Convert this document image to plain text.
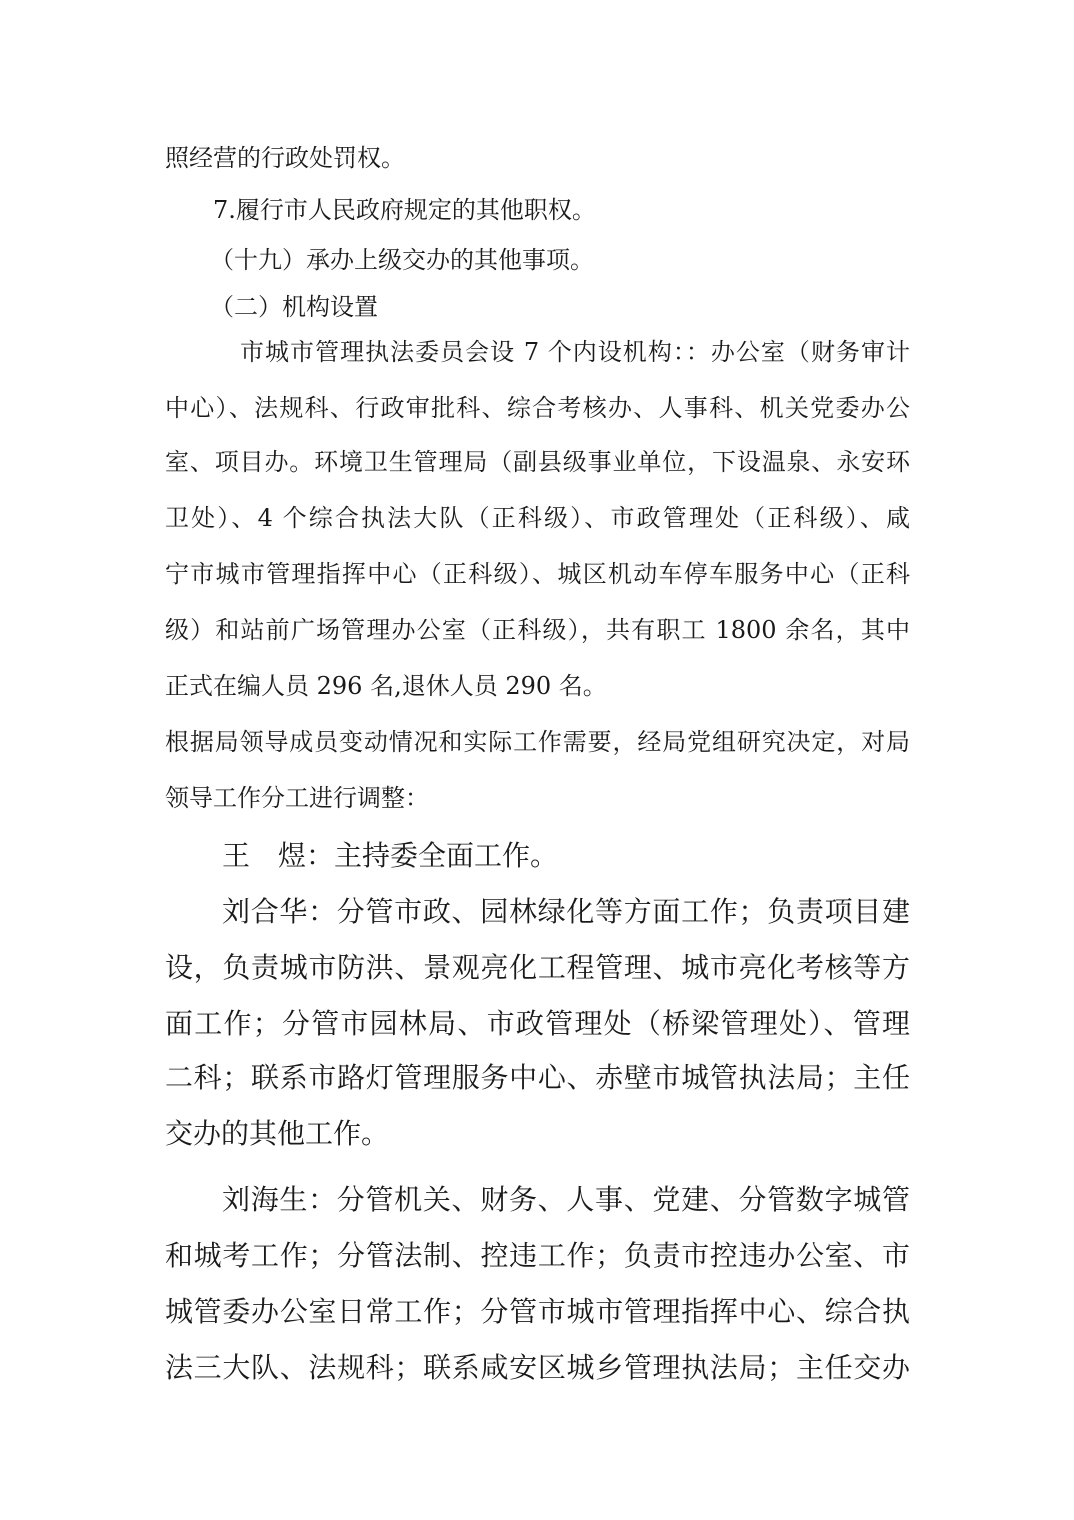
照经营的行政处罚权。
7.履行市人民政府规定的其他职权。
（十九）承办上级交办的其他事项。
（二）机构设置
市城市管理执法委员会设 7 个内设机构：：办公室（财务审计
中心）、法规科、行政审批科、综合考核办、人事科、机关党委办公
室、项目办。环境卫生管理局（副县级事业单位，下设温泉、永安环
卫处）、4 个综合执法大队（正科级）、市政管理处（正科级）、咸
宁市城市管理指挥中心（正科级）、城区机动车停车服务中心（正科
级）和站前广场管理办公室（正科级），共有职工 1800 余名，其中
正式在编人员 296 名,退休人员 290 名。
根据局领导成员变动情况和实际工作需要，经局党组研究决定，对局
领导工作分工进行调整：
王　煜：主持委全面工作。
刘合华：分管市政、园林绿化等方面工作；负责项目建
设，负责城市防洪、景观亮化工程管理、城市亮化考核等方
面工作；分管市园林局、市政管理处（桥梁管理处）、管理
二科；联系市路灯管理服务中心、赤壁市城管执法局；主任
交办的其他工作。
刘海生：分管机关、财务、人事、党建、分管数字城管
和城考工作；分管法制、控违工作；负责市控违办公室、市
城管委办公室日常工作；分管市城市管理指挥中心、综合执
法三大队、法规科；联系咸安区城乡管理执法局；主任交办
